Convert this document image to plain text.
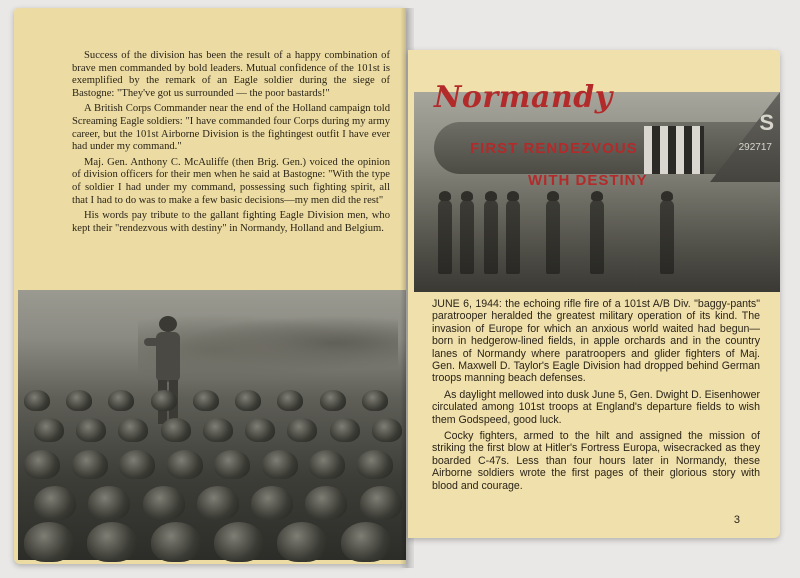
Success of the division has been the result of a happy combination of brave men commanded by bold leaders. Mutual confidence of the 101st is exemplified by the remark of an Eagle soldier during the siege of Bastogne: "They've got us surrounded — the poor bastards!"

A British Corps Commander near the end of the Holland campaign told Screaming Eagle soldiers: "I have commanded four Corps during my army career, but the 101st Airborne Division is the fightingest outfit I have ever had under my command."

Maj. Gen. Anthony C. McAuliffe (then Brig. Gen.) voiced the opinion of division officers for their men when he said at Bastogne: "With the type of soldier I had under my command, possessing such fighting spirit, all that I had to do was to make a few basic decisions—my men did the rest"

His words pay tribute to the gallant fighting Eagle Division men, who kept their "rendezvous with destiny" in Normandy, Holland and Belgium.

S
292717
Normandy
FIRST RENDEZVOUS
WITH DESTINY

JUNE 6, 1944: the echoing rifle fire of a 101st A/B Div. "baggy-pants" paratrooper heralded the greatest military operation of its kind. The invasion of Europe for which an anxious world waited had begun—born in hedgerow-lined fields, in apple orchards and in the country lanes of Normandy where paratroopers and glider fighters of Maj. Gen. Maxwell D. Taylor's Eagle Division had dropped behind German troops manning beach defenses.

As daylight mellowed into dusk June 5, Gen. Dwight D. Eisenhower circulated among 101st troops at England's departure fields to wish them Godspeed, good luck.

Cocky fighters, armed to the hilt and assigned the mission of striking the first blow at Hitler's Fortress Europa, wisecracked as they boarded C-47s. Less than four hours later in Normandy, these Airborne soldiers wrote the first pages of their glorious story with blood and courage.

3
